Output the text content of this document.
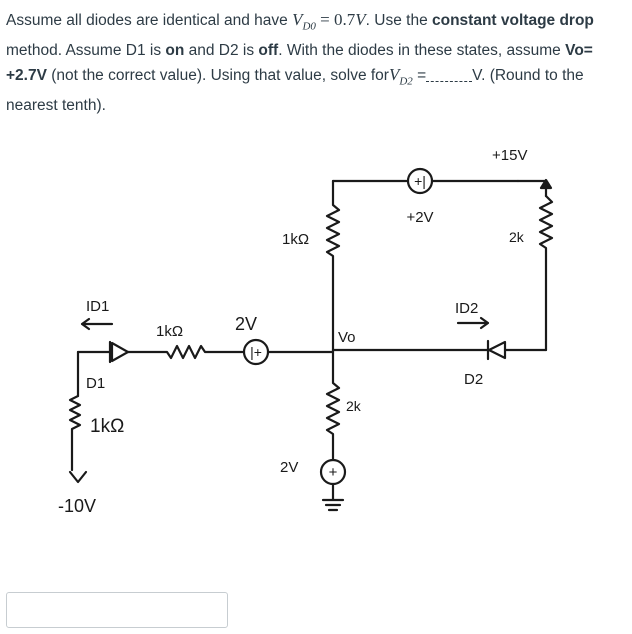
Assume all diodes are identical and have $V_{D0} = 0.7V$. Use the constant voltage drop method. Assume D1 is on and D2 is off. With the diodes in these states, assume Vo= +2.7V (not the correct value). Using that value, solve forV$_{D2}$ =	V. (Round to the nearest tenth).
+|
+2V
+15V
2k
ID2
D2
1kΩ
Vo
2k
+
2V
|+
2V
1kΩ
ID1
D1
1kΩ
-10V
